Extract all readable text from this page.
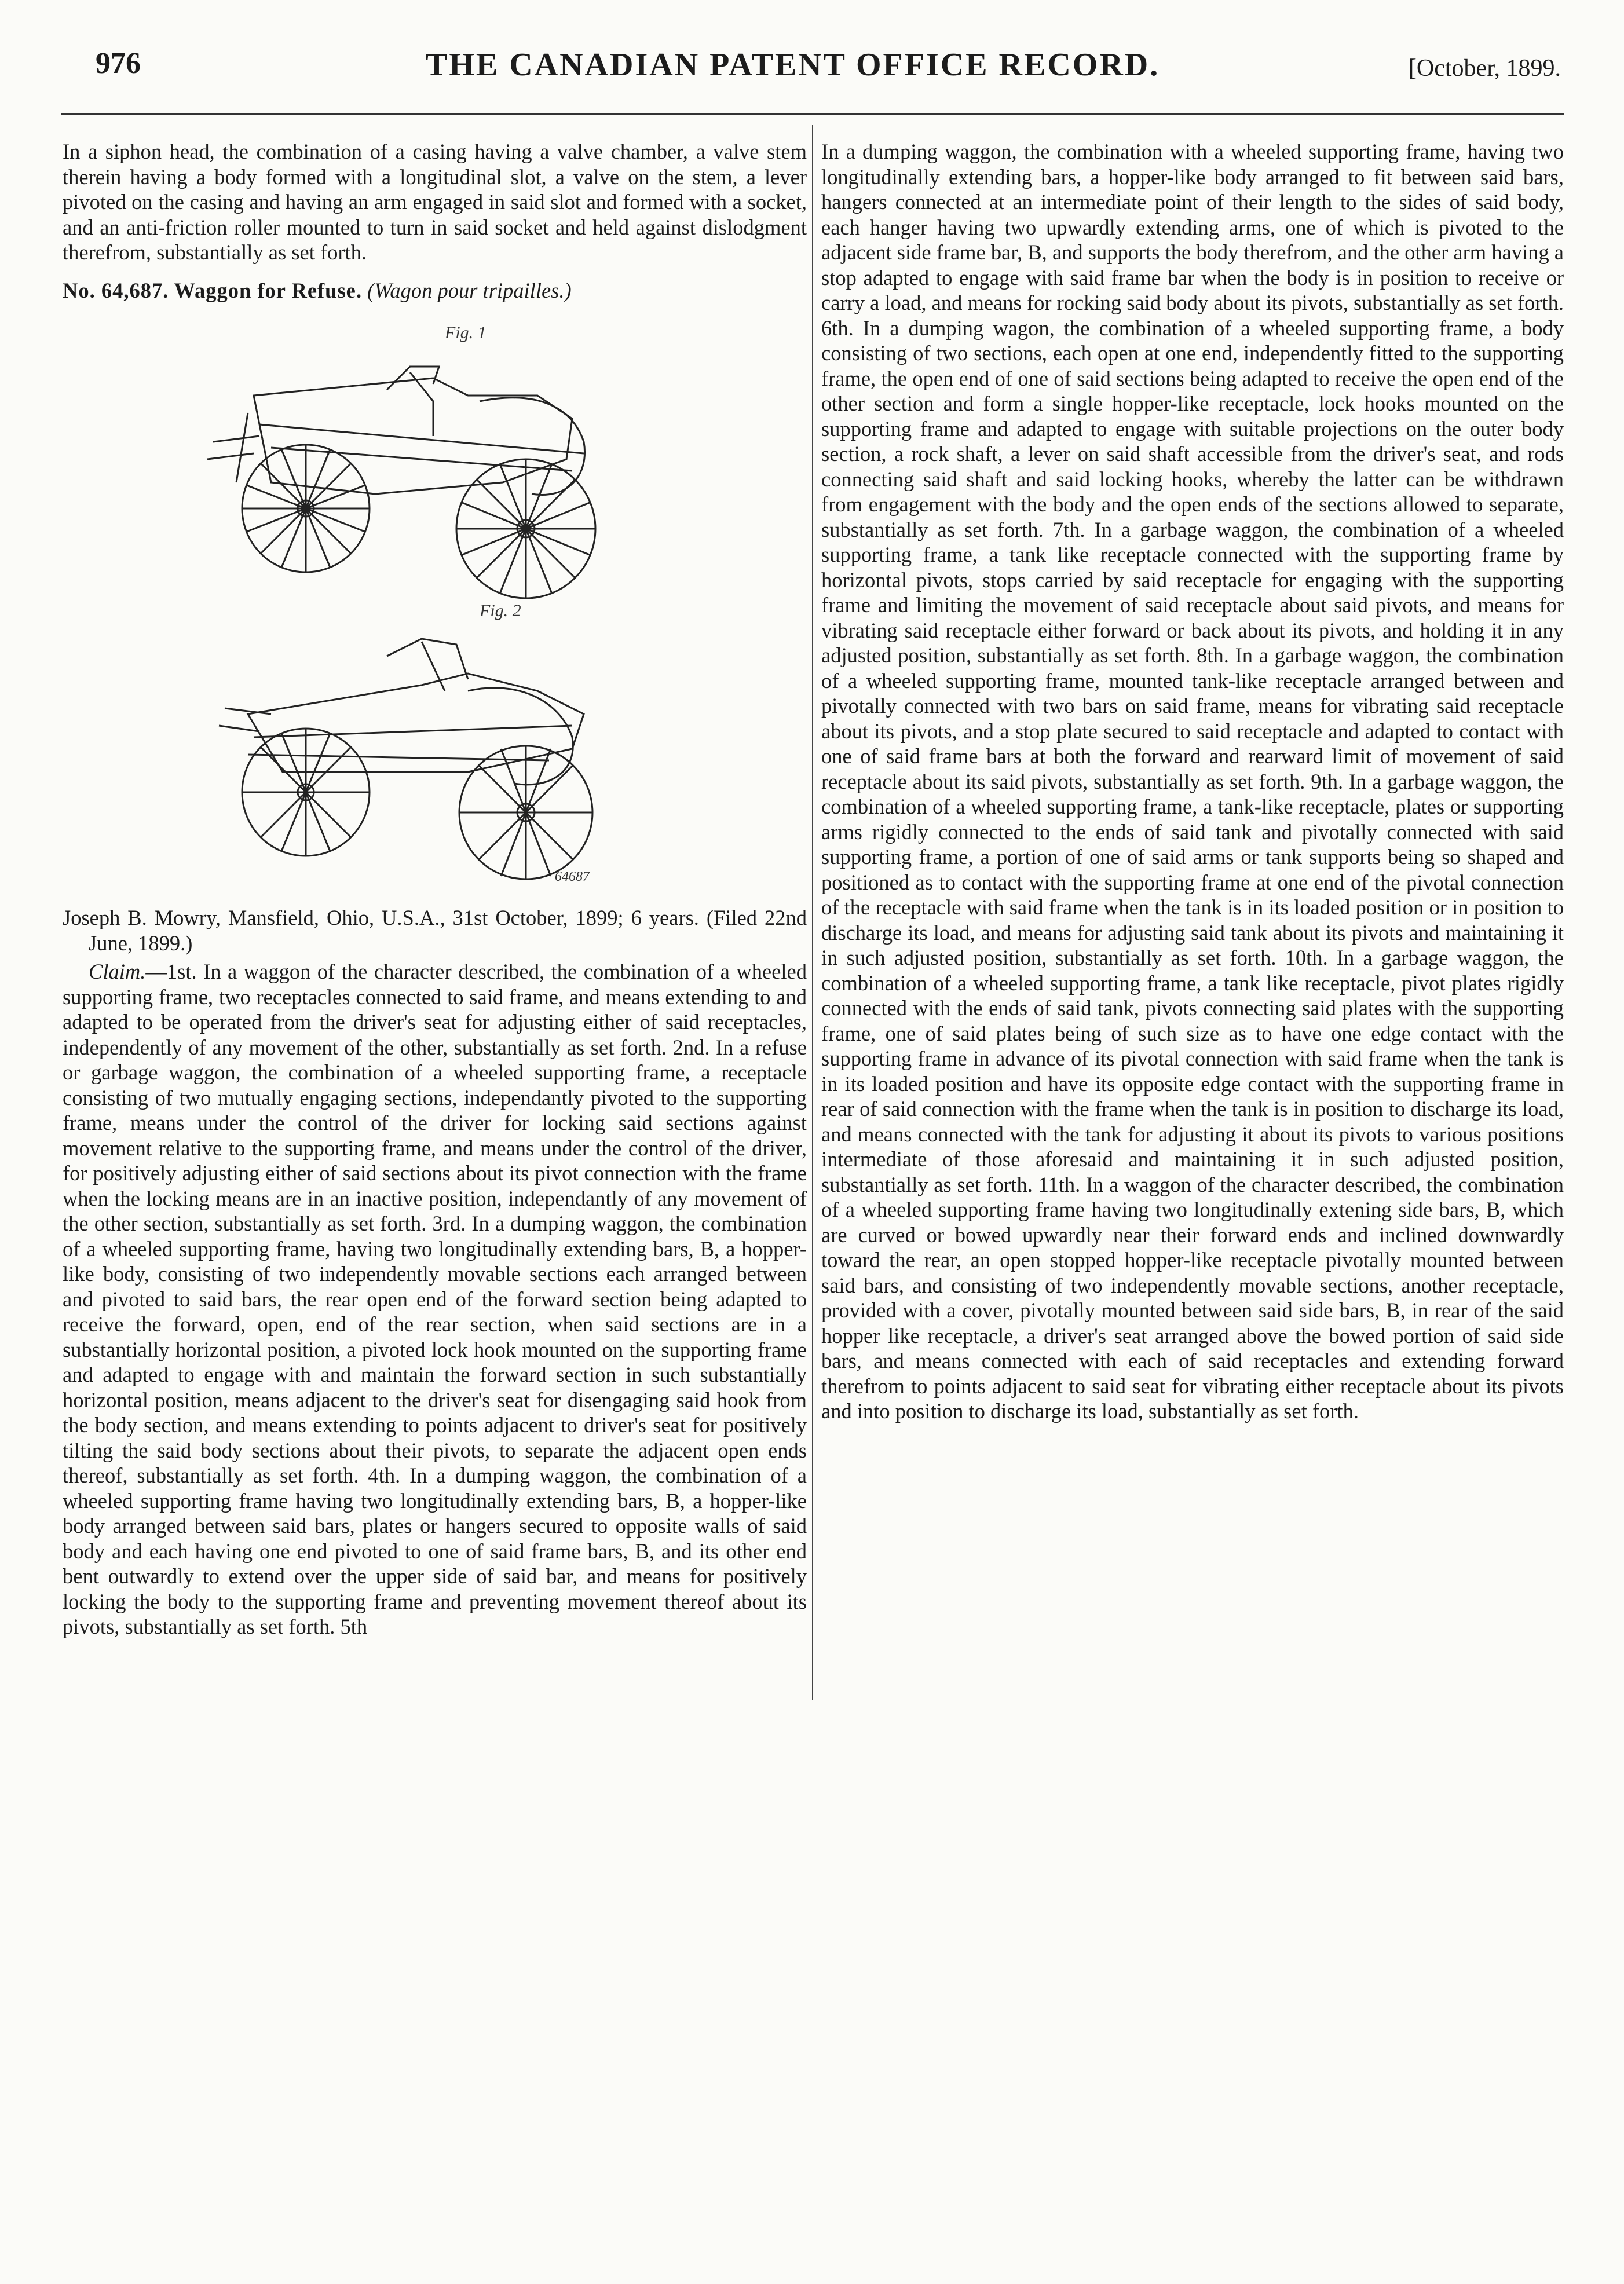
976	THE CANADIAN PATENT OFFICE RECORD.	[October, 1899.

In a siphon head, the combination of a casing having a valve chamber, a valve stem therein having a body formed with a longitudinal slot, a valve on the stem, a lever pivoted on the casing and having an arm engaged in said slot and formed with a socket, and an anti-friction roller mounted to turn in said socket and held against dislodgment therefrom, substantially as set forth.

No. 64,687. Waggon for Refuse. (Wagon pour tripailles.)

Fig. 1
Fig. 2
64687

Joseph B. Mowry, Mansfield, Ohio, U.S.A., 31st October, 1899; 6 years. (Filed 22nd June, 1899.)

Claim.—1st. In a waggon of the character described, the combination of a wheeled supporting frame, two receptacles connected to said frame, and means extending to and adapted to be operated from the driver's seat for adjusting either of said receptacles, independently of any movement of the other, substantially as set forth. 2nd. In a refuse or garbage waggon, the combination of a wheeled supporting frame, a receptacle consisting of two mutually engaging sections, independantly pivoted to the supporting frame, means under the control of the driver for locking said sections against movement relative to the supporting frame, and means under the control of the driver, for positively adjusting either of said sections about its pivot connection with the frame when the locking means are in an inactive position, independantly of any movement of the other section, substantially as set forth. 3rd. In a dumping waggon, the combination of a wheeled supporting frame, having two longitudinally extending bars, B, a hopper-like body, consisting of two independently movable sections each arranged between and pivoted to said bars, the rear open end of the forward section being adapted to receive the forward, open, end of the rear section, when said sections are in a substantially horizontal position, a pivoted lock hook mounted on the supporting frame and adapted to engage with and maintain the forward section in such substantially horizontal position, means adjacent to the driver's seat for disengaging said hook from the body section, and means extending to points adjacent to driver's seat for positively tilting the said body sections about their pivots, to separate the adjacent open ends thereof, substantially as set forth. 4th. In a dumping waggon, the combination of a wheeled supporting frame having two longitudinally extending bars, B, a hopper-like body arranged between said bars, plates or hangers secured to opposite walls of said body and each having one end pivoted to one of said frame bars, B, and its other end bent outwardly to extend over the upper side of said bar, and means for positively locking the body to the supporting frame and preventing movement thereof about its pivots, substantially as set forth. 5th

In a dumping waggon, the combination with a wheeled supporting frame, having two longitudinally extending bars, a hopper-like body arranged to fit between said bars, hangers connected at an intermediate point of their length to the sides of said body, each hanger having two upwardly extending arms, one of which is pivoted to the adjacent side frame bar, B, and supports the body therefrom, and the other arm having a stop adapted to engage with said frame bar when the body is in position to receive or carry a load, and means for rocking said body about its pivots, substantially as set forth. 6th. In a dumping wagon, the combination of a wheeled supporting frame, a body consisting of two sections, each open at one end, independently fitted to the supporting frame, the open end of one of said sections being adapted to receive the open end of the other section and form a single hopper-like receptacle, lock hooks mounted on the supporting frame and adapted to engage with suitable projections on the outer body section, a rock shaft, a lever on said shaft accessible from the driver's seat, and rods connecting said shaft and said locking hooks, whereby the latter can be withdrawn from engagement with the body and the open ends of the sections allowed to separate, substantially as set forth. 7th. In a garbage waggon, the combination of a wheeled supporting frame, a tank like receptacle connected with the supporting frame by horizontal pivots, stops carried by said receptacle for engaging with the supporting frame and limiting the movement of said receptacle about said pivots, and means for vibrating said receptacle either forward or back about its pivots, and holding it in any adjusted position, substantially as set forth. 8th. In a garbage waggon, the combination of a wheeled supporting frame, mounted tank-like receptacle arranged between and pivotally connected with two bars on said frame, means for vibrating said receptacle about its pivots, and a stop plate secured to said receptacle and adapted to contact with one of said frame bars at both the forward and rearward limit of movement of said receptacle about its said pivots, substantially as set forth. 9th. In a garbage waggon, the combination of a wheeled supporting frame, a tank-like receptacle, plates or supporting arms rigidly connected to the ends of said tank and pivotally connected with said supporting frame, a portion of one of said arms or tank supports being so shaped and positioned as to contact with the supporting frame at one end of the pivotal connection of the receptacle with said frame when the tank is in its loaded position or in position to discharge its load, and means for adjusting said tank about its pivots and maintaining it in such adjusted position, substantially as set forth. 10th. In a garbage waggon, the combination of a wheeled supporting frame, a tank like receptacle, pivot plates rigidly connected with the ends of said tank, pivots connecting said plates with the supporting frame, one of said plates being of such size as to have one edge contact with the supporting frame in advance of its pivotal connection with said frame when the tank is in its loaded position and have its opposite edge contact with the supporting frame in rear of said connection with the frame when the tank is in position to discharge its load, and means connected with the tank for adjusting it about its pivots to various positions intermediate of those aforesaid and maintaining it in such adjusted position, substantially as set forth. 11th. In a waggon of the character described, the combination of a wheeled supporting frame having two longitudinally extening side bars, B, which are curved or bowed upwardly near their forward ends and inclined downwardly toward the rear, an open stopped hopper-like receptacle pivotally mounted between said bars, and consisting of two independently movable sections, another receptacle, provided with a cover, pivotally mounted between said side bars, B, in rear of the said hopper like receptacle, a driver's seat arranged above the bowed portion of said side bars, and means connected with each of said receptacles and extending forward therefrom to points adjacent to said seat for vibrating either receptacle about its pivots and into position to discharge its load, substantially as set forth.
